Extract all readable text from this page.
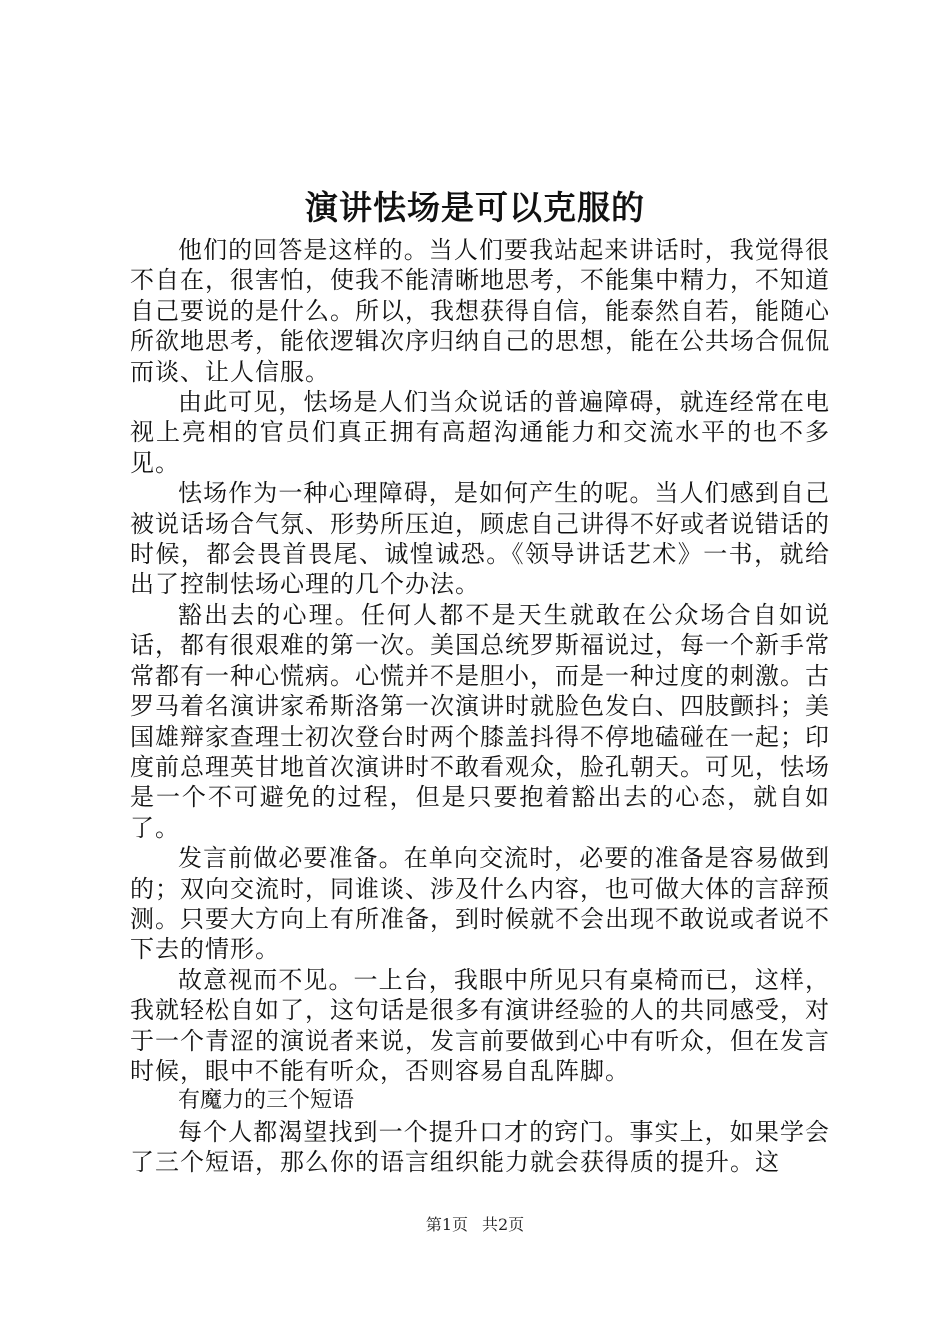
演讲怯场是可以克服的

他们的回答是这样的。当人们要我站起来讲话时，我觉得很不自在，很害怕，使我不能清晰地思考，不能集中精力，不知道自己要说的是什么。所以，我想获得自信，能泰然自若，能随心所欲地思考，能依逻辑次序归纳自己的思想，能在公共场合侃侃而谈、让人信服。

由此可见，怯场是人们当众说话的普遍障碍，就连经常在电视上亮相的官员们真正拥有高超沟通能力和交流水平的也不多见。

怯场作为一种心理障碍，是如何产生的呢。当人们感到自己被说话场合气氛、形势所压迫，顾虑自己讲得不好或者说错话的时候，都会畏首畏尾、诚惶诚恐。《领导讲话艺术》一书，就给出了控制怯场心理的几个办法。

豁出去的心理。任何人都不是天生就敢在公众场合自如说话，都有很艰难的第一次。美国总统罗斯福说过，每一个新手常常都有一种心慌病。心慌并不是胆小，而是一种过度的刺激。古罗马着名演讲家希斯洛第一次演讲时就脸色发白、四肢颤抖；美国雄辩家查理士初次登台时两个膝盖抖得不停地磕碰在一起；印度前总理英甘地首次演讲时不敢看观众，脸孔朝天。可见，怯场是一个不可避免的过程，但是只要抱着豁出去的心态，就自如了。

发言前做必要准备。在单向交流时，必要的准备是容易做到的；双向交流时，同谁谈、涉及什么内容，也可做大体的言辞预测。只要大方向上有所准备，到时候就不会出现不敢说或者说不下去的情形。

故意视而不见。一上台，我眼中所见只有桌椅而已，这样，我就轻松自如了，这句话是很多有演讲经验的人的共同感受，对于一个青涩的演说者来说，发言前要做到心中有听众，但在发言时候，眼中不能有听众，否则容易自乱阵脚。

有魔力的三个短语

每个人都渴望找到一个提升口才的窍门。事实上，如果学会了三个短语，那么你的语言组织能力就会获得质的提升。这

第1页 共2页
